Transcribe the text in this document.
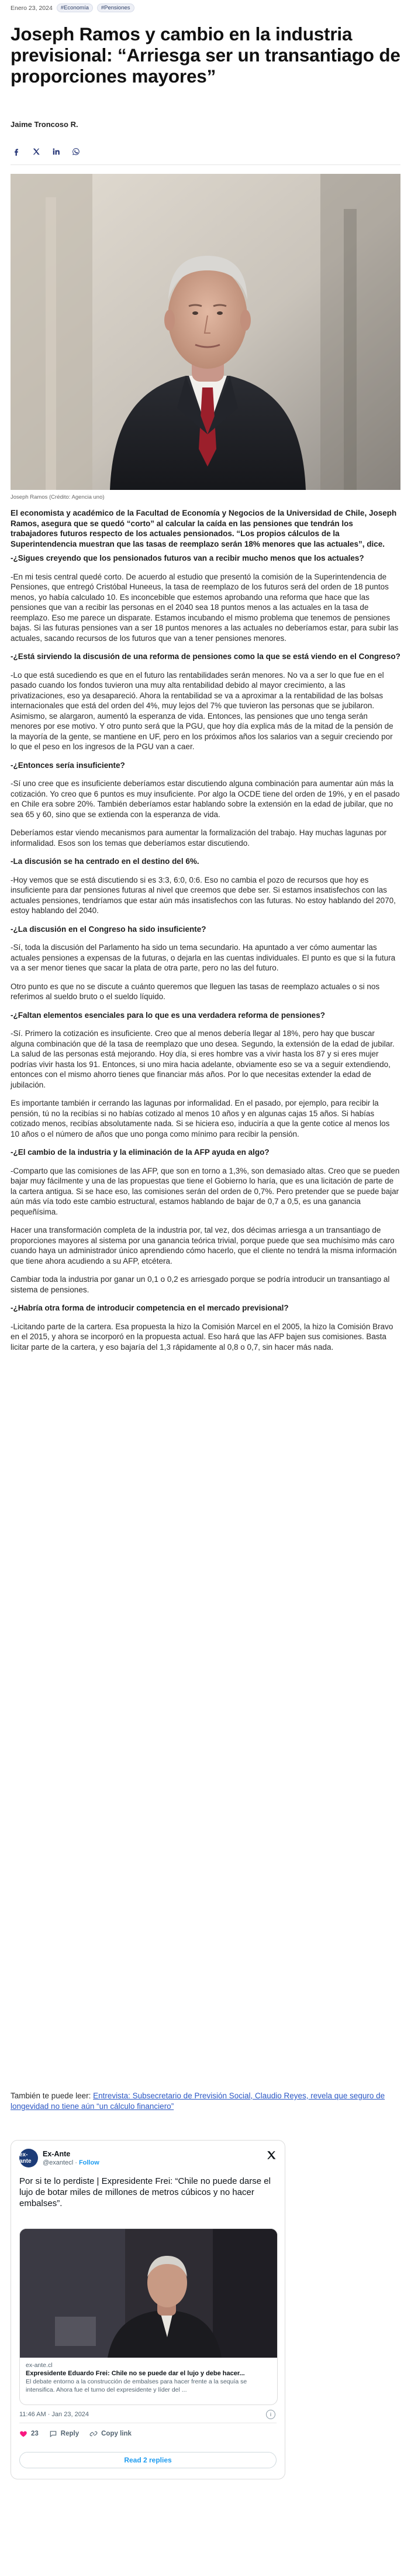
Enero 23, 2024	#Economía	#Pensiones
Joseph Ramos y cambio en la industria previsional: “Arriesga ser un transantiago de proporciones mayores”
Jaime Troncoso R.
Joseph Ramos (Crédito: Agencia uno)
El economista y académico de la Facultad de Economía y Negocios de la Universidad de Chile, Joseph Ramos, asegura que se quedó “corto” al calcular la caída en las pensiones que tendrán los trabajadores futuros respecto de los actuales pensionados. “Los propios cálculos de la Superintendencia muestran que las tasas de reemplazo serán 18% menores que las actuales”, dice.

-¿Sigues creyendo que los pensionados futuros van a recibir mucho menos que los actuales?

-En mi tesis central quedé corto. De acuerdo al estudio que presentó la comisión de la Superintendencia de Pensiones, que entregó Cristóbal Huneeus, la tasa de reemplazo de los futuros será del orden de 18 puntos menos, yo había calculado 10. Es inconcebible que estemos aprobando una reforma que hace que las pensiones que van a recibir las personas en el 2040 sea 18 puntos menos a las actuales en la tasa de reemplazo. Eso me parece un disparate. Estamos incubando el mismo problema que tenemos de pensiones bajas. Si las futuras pensiones van a ser 18 puntos menores a las actuales no deberíamos estar, para subir las actuales, sacando recursos de los futuros que van a tener pensiones menores.

-¿Está sirviendo la discusión de una reforma de pensiones como la que se está viendo en el Congreso?

-Lo que está sucediendo es que en el futuro las rentabilidades serán menores. No va a ser lo que fue en el pasado cuando los fondos tuvieron una muy alta rentabilidad debido al mayor crecimiento, a las privatizaciones, eso ya desapareció. Ahora la rentabilidad se va a aproximar a la rentabilidad de las bolsas internacionales que está del orden del 4%, muy lejos del 7% que tuvieron las personas que se jubilaron. Asimismo, se alargaron, aumentó la esperanza de vida. Entonces, las pensiones que uno tenga serán menores por ese motivo. Y otro punto será que la PGU, que hoy día explica más de la mitad de la pensión de la mayoría de la gente, se mantiene en UF, pero en los próximos años los salarios van a seguir creciendo por lo que el peso en los ingresos de la PGU van a caer.

-¿Entonces sería insuficiente?

-Sí uno cree que es insuficiente deberíamos estar discutiendo alguna combinación para aumentar aún más la cotización. Yo creo que 6 puntos es muy insuficiente. Por algo la OCDE tiene del orden de 19%, y en el pasado en Chile era sobre 20%. También deberíamos estar hablando sobre la extensión en la edad de jubilar, que no sea 65 y 60, sino que se extienda con la esperanza de vida.

Deberíamos estar viendo mecanismos para aumentar la formalización del trabajo. Hay muchas lagunas por informalidad. Esos son los temas que deberíamos estar discutiendo.

-La discusión se ha centrado en el destino del 6%.

-Hoy vemos que se está discutiendo si es 3:3, 6:0, 0:6. Eso no cambia el pozo de recursos que hoy es insuficiente para dar pensiones futuras al nivel que creemos que debe ser. Si estamos insatisfechos con las actuales pensiones, tendríamos que estar aún más insatisfechos con las futuras. No estoy hablando del 2070, estoy hablando del 2040.

-¿La discusión en el Congreso ha sido insuficiente?

-Sí, toda la discusión del Parlamento ha sido un tema secundario. Ha apuntado a ver cómo aumentar las actuales pensiones a expensas de la futuras, o dejarla en las cuentas individuales. El punto es que si la futura va a ser menor tienes que sacar la plata de otra parte, pero no las del futuro.

Otro punto es que no se discute a cuánto queremos que lleguen las tasas de reemplazo actuales o si nos referimos al sueldo bruto o el sueldo líquido.

-¿Faltan elementos esenciales para lo que es una verdadera reforma de pensiones?

-Sí. Primero la cotización es insuficiente. Creo que al menos debería llegar al 18%, pero hay que buscar alguna combinación que dé la tasa de reemplazo que uno desea. Segundo, la extensión de la edad de jubilar. La salud de las personas está mejorando. Hoy día, si eres hombre vas a vivir hasta los 87 y si eres mujer podrías vivir hasta los 91. Entonces, si uno mira hacia adelante, obviamente eso se va a seguir extendiendo, entonces con el mismo ahorro tienes que financiar más años. Por lo que necesitas extender la edad de jubilación.

Es importante también ir cerrando las lagunas por informalidad. En el pasado, por ejemplo, para recibir la pensión, tú no la recibías si no habías cotizado al menos 10 años y en algunas cajas 15 años. Si habías cotizado menos, recibías absolutamente nada. Si se hiciera eso, induciría a que la gente cotice al menos los 10 años o el número de años que uno ponga como mínimo para recibir la pensión.

-¿El cambio de la industria y la eliminación de la AFP ayuda en algo?

-Comparto que las comisiones de las AFP, que son en torno a 1,3%, son demasiado altas. Creo que se pueden bajar muy fácilmente y una de las propuestas que tiene el Gobierno lo haría, que es una licitación de parte de la cartera antigua. Si se hace eso, las comisiones serán del orden de 0,7%. Pero pretender que se puede bajar aún más vía todo este cambio estructural, estamos hablando de bajar de 0,7 a 0,5, es una ganancia pequeñísima.

Hacer una transformación completa de la industria por, tal vez, dos décimas arriesga a un transantiago de proporciones mayores al sistema por una ganancia teórica trivial, porque puede que sea muchísimo más caro cuando haya un administrador único aprendiendo cómo hacerlo, que el cliente no tendrá la misma información que tiene ahora acudiendo a su AFP, etcétera.

Cambiar toda la industria por ganar un 0,1 o 0,2 es arriesgado porque se podría introducir un transantiago al sistema de pensiones.

-¿Habría otra forma de introducir competencia en el mercado previsional?

-Licitando parte de la cartera. Esa propuesta la hizo la Comisión Marcel en el 2005, la hizo la Comisión Bravo en el 2015, y ahora se incorporó en la propuesta actual. Eso hará que las AFP bajen sus comisiones. Basta licitar parte de la cartera, y eso bajaría del 1,3 rápidamente al 0,8 o 0,7, sin hacer más nada.

También te puede leer: Entrevista: Subsecretario de Previsión Social, Claudio Reyes, revela que seguro de longevidad no tiene aún “un cálculo financiero”
ex-ante
Ex-Ante
@exantecl · Follow
Por si te lo perdiste | Expresidente Frei: “Chile no puede darse el lujo de botar miles de millones de metros cúbicos y no hacer embalses”.
ex-ante.cl
Expresidente Eduardo Frei: Chile no se puede dar el lujo y debe hacer...
El debate entorno a la construcción de embalses para hacer frente a la sequía se intensifica. Ahora fue el turno del expresidente y líder del ...
11:46 AM · Jan 23, 2024	i
23	Reply	Copy link
Read 2 replies
